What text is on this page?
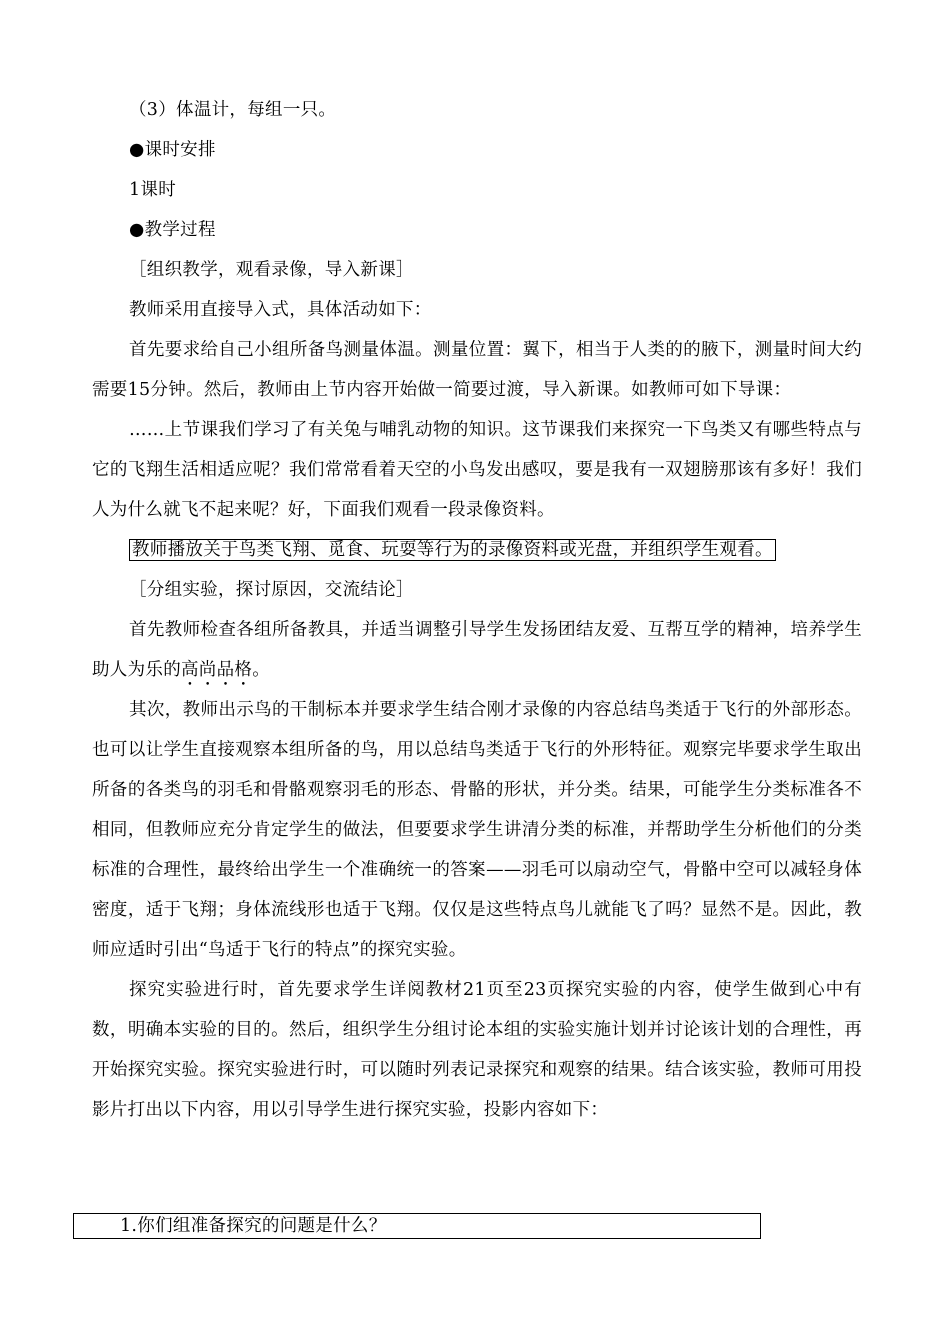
（3）体温计，每组一只。

●课时安排

1课时

●教学过程

［组织教学，观看录像，导入新课］

教师采用直接导入式，具体活动如下：

首先要求给自己小组所备鸟测量体温。测量位置：翼下，相当于人类的的腋下，测量时间大约需要15分钟。然后，教师由上节内容开始做一简要过渡，导入新课。如教师可如下导课：

……上节课我们学习了有关兔与哺乳动物的知识。这节课我们来探究一下鸟类又有哪些特点与它的飞翔生活相适应呢？我们常常看着天空的小鸟发出感叹，要是我有一双翅膀那该有多好！我们人为什么就飞不起来呢？好，下面我们观看一段录像资料。

教师播放关于鸟类飞翔、觅食、玩耍等行为的录像资料或光盘，并组织学生观看。

［分组实验，探讨原因，交流结论］

首先教师检查各组所备教具，并适当调整引导学生发扬团结友爱、互帮互学的精神，培养学生助人为乐的高尚品格。

其次，教师出示鸟的干制标本并要求学生结合刚才录像的内容总结鸟类适于飞行的外部形态。也可以让学生直接观察本组所备的鸟，用以总结鸟类适于飞行的外形特征。观察完毕要求学生取出所备的各类鸟的羽毛和骨骼观察羽毛的形态、骨骼的形状，并分类。结果，可能学生分类标准各不相同，但教师应充分肯定学生的做法，但要要求学生讲清分类的标准，并帮助学生分析他们的分类标准的合理性，最终给出学生一个准确统一的答案——羽毛可以扇动空气，骨骼中空可以减轻身体密度，适于飞翔；身体流线形也适于飞翔。仅仅是这些特点鸟儿就能飞了吗？显然不是。因此，教师应适时引出“鸟适于飞行的特点”的探究实验。

探究实验进行时，首先要求学生详阅教材21页至23页探究实验的内容，使学生做到心中有数，明确本实验的目的。然后，组织学生分组讨论本组的实验实施计划并讨论该计划的合理性，再开始探究实验。探究实验进行时，可以随时列表记录探究和观察的结果。结合该实验，教师可用投影片打出以下内容，用以引导学生进行探究实验，投影内容如下：

1.你们组准备探究的问题是什么？
